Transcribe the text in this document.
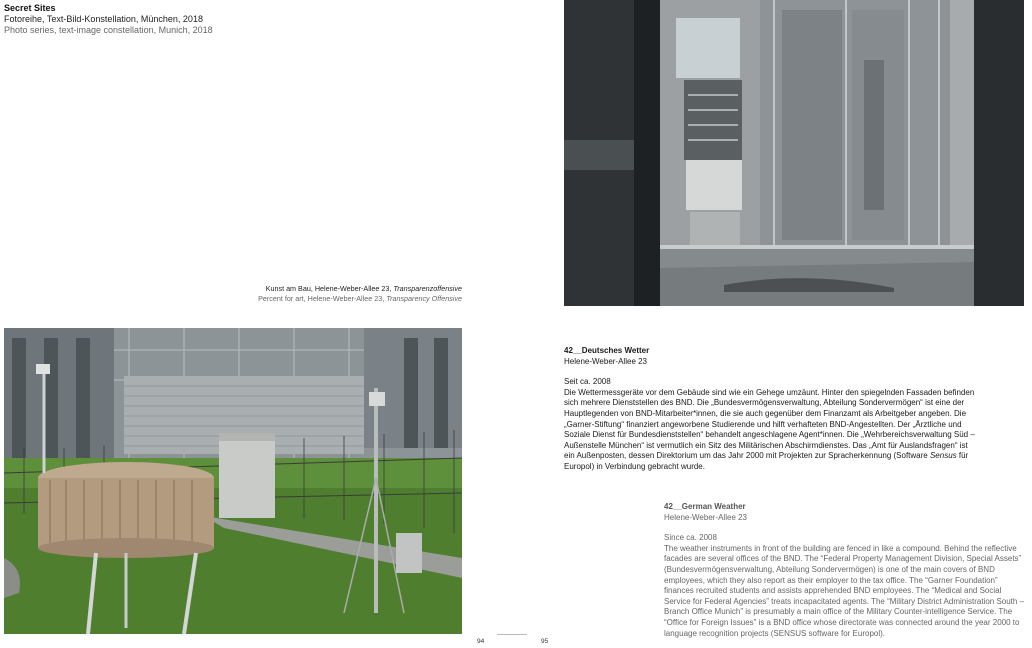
Secret Sites
Fotoreihe, Text-Bild-Konstellation, München, 2018
Photo series, text-image constellation, Munich, 2018
Kunst am Bau, Helene-Weber-Allee 23, Transparenzoffensive
Percent for art, Helene-Weber-Allee 23, Transparency Offensive
94
42__Deutsches Wetter
Helene-Weber-Allee 23
Seit ca. 2008
Die Wettermessgeräte vor dem Gebäude sind wie ein Gehege umzäunt. Hinter den spiegelnden Fassaden befinden sich mehrere Dienststellen des BND. Die „Bundesvermögensverwaltung, Abteilung Sondervermögen“ ist eine der Hauptlegenden von BND-Mitarbeiter*innen, die sie auch gegenüber dem Finanzamt als Arbeitgeber angeben. Die „Garner-Stiftung“ finanziert angeworbene Studierende und hilft verhafteten BND-Angestellten. Der „Ärztliche und Soziale Dienst für Bundesdienststellen“ behandelt angeschlagene Agent*innen. Die „Wehrbereichsverwaltung Süd – Außenstelle München“ ist vermutlich ein Sitz des Militärischen Abschirmdienstes. Das „Amt für Auslandsfragen“ ist ein Außenposten, dessen Direktorium um das Jahr 2000 mit Projekten zur Spracherkennung (Software Sensus für Europol) in Verbindung gebracht wurde.
42__German Weather
Helene-Weber-Allee 23
Since ca. 2008
The weather instruments in front of the building are fenced in like a compound. Behind the reflective facades are several offices of the BND. The “Federal Property Management Division, Special Assets” (Bundesvermögensverwaltung, Abteilung Sondervermögen) is one of the main covers of BND employees, which they also report as their employer to the tax office. The “Garner Foundation” finances recruited students and assists apprehended BND employees. The “Medical and Social Service for Federal Agencies” treats incapacitated agents. The “Military District Administration South – Branch Office Munich” is presumably a main office of the Military Counter-intelligence Service. The “Office for Foreign Issues” is a BND office whose directorate was connected around the year 2000 to language recognition projects (SENSUS software for Europol).
95
